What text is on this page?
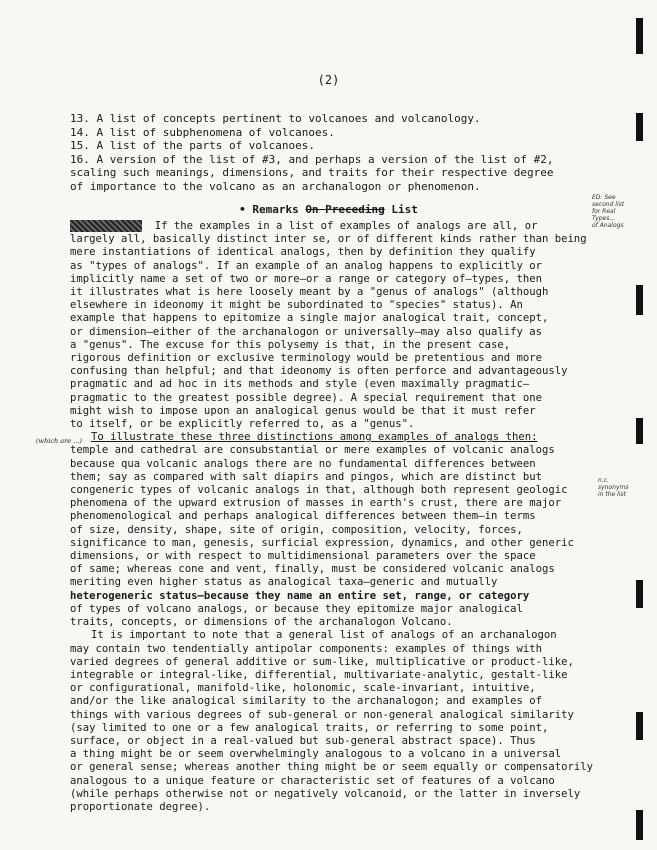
(2)
13. A list of concepts pertinent to volcanoes and volcanology.
14. A list of subphenomena of volcanoes.
15. A list of the parts of volcanoes.
16. A version of the list of #3, and perhaps a version of the list of #2,
scaling such meanings, dimensions, and traits for their respective degree
of importance to the volcano as an archanalogon or phenomenon.
• Remarks On Preceding List
If the examples in a list of examples of analogs are all, or
largely all, basically distinct inter se, or of different kinds rather than being
mere instantiations of identical analogs, then by definition they qualify
as "types of analogs". If an example of an analog happens to explicitly or
implicitly name a set of two or more—or a range or category of—types, then
it illustrates what is here loosely meant by a "genus of analogs" (although
elsewhere in ideonomy it might be subordinated to "species" status). An
example that happens to epitomize a single major analogical trait, concept,
or dimension—either of the archanalogon or universally—may also qualify as
a "genus". The excuse for this polysemy is that, in the present case,
rigorous definition or exclusive terminology would be pretentious and more
confusing than helpful; and that ideonomy is often perforce and advantageously
pragmatic and ad hoc in its methods and style (even maximally pragmatic—
pragmatic to the greatest possible degree). A special requirement that one
might wish to impose upon an analogical genus would be that it must refer
to itself, or be explicitly referred to, as a "genus".
To illustrate these three distinctions among examples of analogs then:
temple and cathedral are consubstantial or mere examples of volcanic analogs
because qua volcanic analogs there are no fundamental differences between
them; say as compared with salt diapirs and pingos, which are distinct but
congeneric types of volcanic analogs in that, although both represent geologic
phenomena of the upward extrusion of masses in earth's crust, there are major
phenomenological and perhaps analogical differences between them—in terms
of size, density, shape, site of origin, composition, velocity, forces,
significance to man, genesis, surficial expression, dynamics, and other generic
dimensions, or with respect to multidimensional parameters over the space
of same; whereas cone and vent, finally, must be considered volcanic analogs
meriting even higher status as analogical taxa—generic and mutually
heterogeneric status—because they name an entire set, range, or category
of types of volcano analogs, or because they epitomize major analogical
traits, concepts, or dimensions of the archanalogon Volcano.
It is important to note that a general list of analogs of an archanalogon
may contain two tendentially antipolar components: examples of things with
varied degrees of general additive or sum-like, multiplicative or product-like,
integrable or integral-like, differential, multivariate-analytic, gestalt-like
or configurational, manifold-like, holonomic, scale-invariant, intuitive,
and/or the like analogical similarity to the archanalogon; and examples of
things with various degrees of sub-general or non-general analogical similarity
(say limited to one or a few analogical traits, or referring to some point,
surface, or object in a real-valued but sub-general abstract space). Thus
a thing might be or seem overwhelmingly analogous to a volcano in a universal
or general sense; whereas another thing might be or seem equally or compensatorily
analogous to a unique feature or characteristic set of features of a volcano
(while perhaps otherwise not or negatively volcanoid, or the latter in inversely
proportionate degree).
ED: See
second list
for Real
Types...
of Analogs
n.c.
synonyms
in the list
(which are ...)
